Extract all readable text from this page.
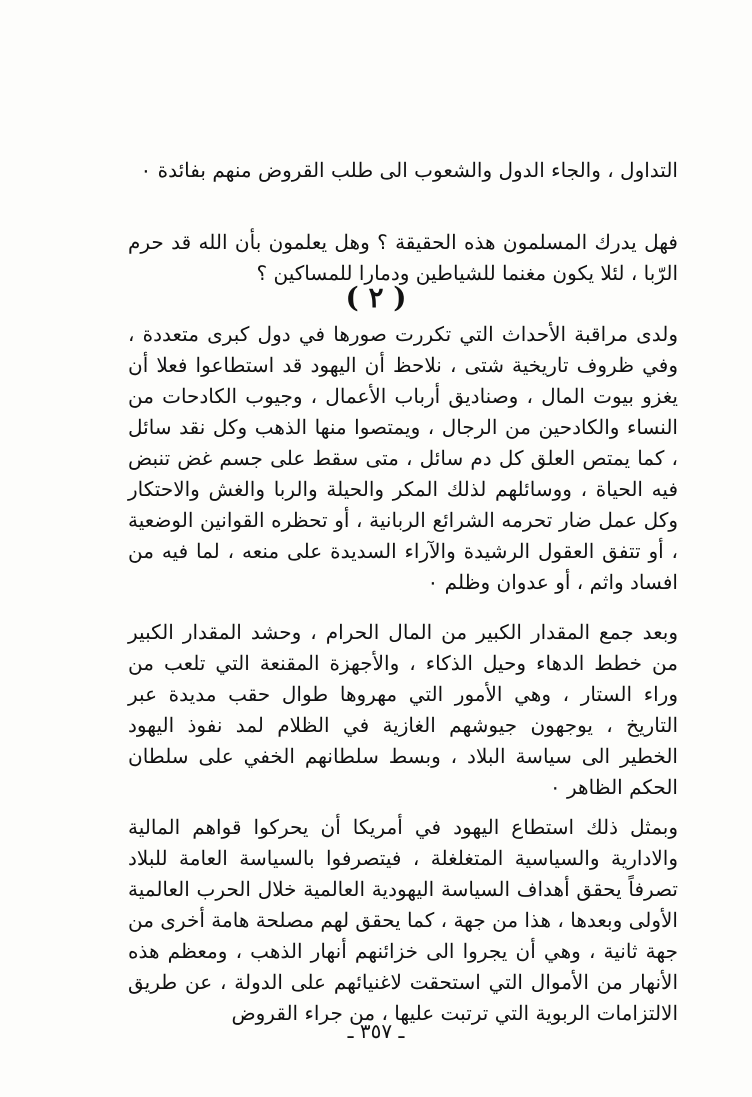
التداول ، والجاء الدول والشعوب الى طلب القروض منهم بفائدة ٠

فهل يدرك المسلمون هذه الحقيقة ؟ وهل يعلمون بأن الله قد حرم الرّبا ، لئلا يكون مغنما للشياطين ودمارا للمساكين ؟

( ٢ )

ولدى مراقبة الأحداث التي تكررت صورها في دول كبرى متعددة ، وفي ظروف تاريخية شتى ، نلاحظ أن اليهود قد استطاعوا فعلا أن يغزو بيوت المال ، وصناديق أرباب الأعمال ، وجيوب الكادحات من النساء والكادحين من الرجال ، ويمتصوا منها الذهب وكل نقد سائل ، كما يمتص العلق كل دم سائل ، متى سقط على جسم غض تنبض فيه الحياة ، ووسائلهم لذلك المكر والحيلة والربا والغش والاحتكار وكل عمل ضار تحرمه الشرائع الربانية ، أو تحظره القوانين الوضعية ، أو تتفق العقول الرشيدة والآراء السديدة على منعه ، لما فيه من افساد واثم ، أو عدوان وظلم ٠

وبعد جمع المقدار الكبير من المال الحرام ، وحشد المقدار الكبير من خطط الدهاء وحيل الذكاء ، والأجهزة المقنعة التي تلعب من وراء الستار ، وهي الأمور التي مهروها طوال حقب مديدة عبر التاريخ ، يوجهون جيوشهم الغازية في الظلام لمد نفوذ اليهود الخطير الى سياسة البلاد ، وبسط سلطانهم الخفي على سلطان الحكم الظاهر ٠

وبمثل ذلك استطاع اليهود في أمريكا أن يحركوا قواهم المالية والادارية والسياسية المتغلغلة ، فيتصرفوا بالسياسة العامة للبلاد تصرفاً يحقق أهداف السياسة اليهودية العالمية خلال الحرب العالمية الأولى وبعدها ، هذا من جهة ، كما يحقق لهم مصلحة هامة أخرى من جهة ثانية ، وهي أن يجروا الى خزائنهم أنهار الذهب ، ومعظم هذه الأنهار من الأموال التي استحقت لاغنيائهم على الدولة ، عن طريق الالتزامات الربوية التي ترتبت عليها ، من جراء القروض

ـ ٣٥٧ ـ
